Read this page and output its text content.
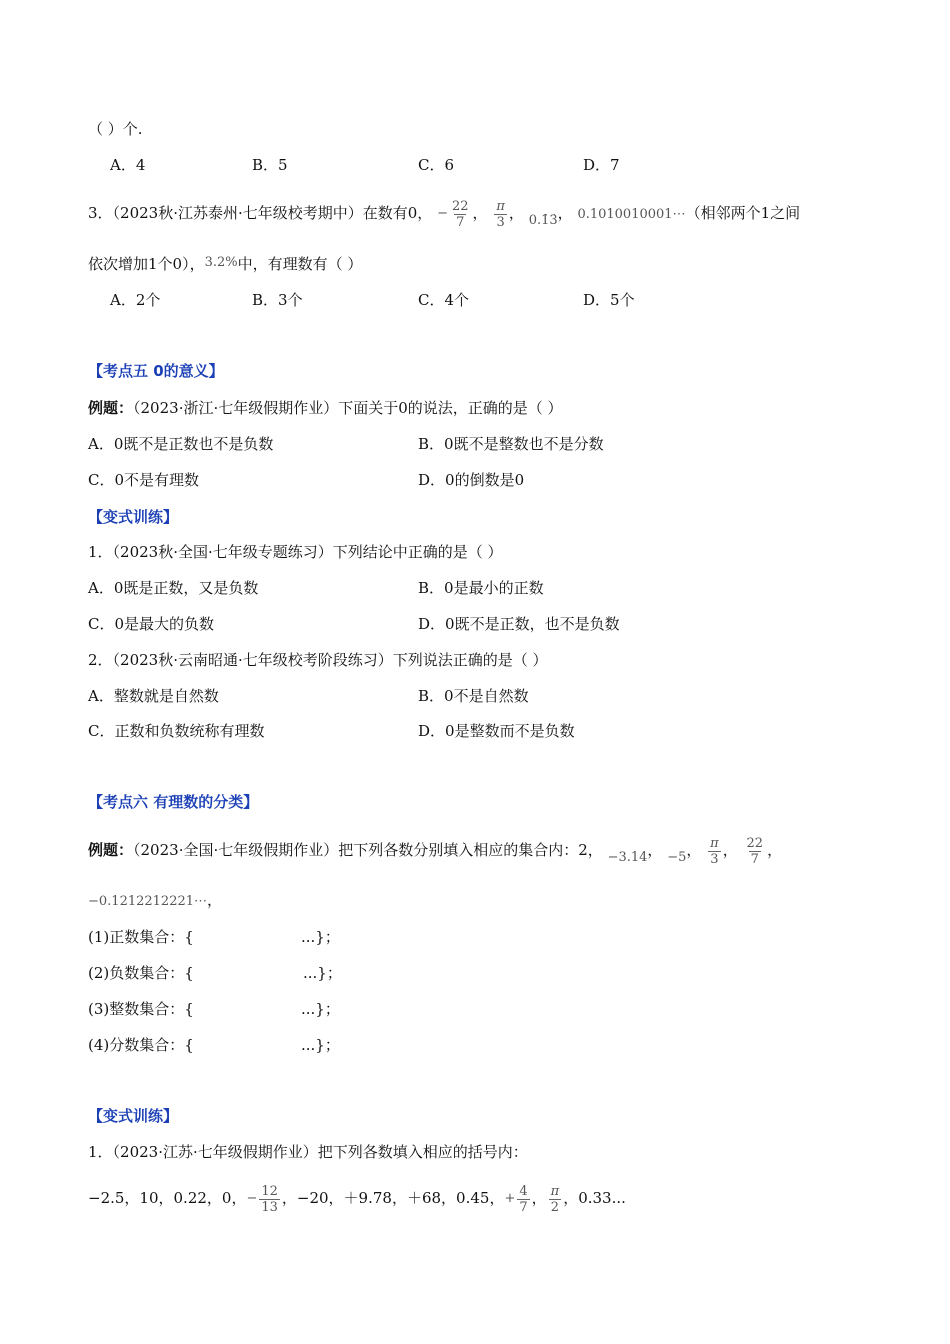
（ ）个.
A．4	B．5	C．6	D．7
3．（2023秋·江苏泰州·七年级校考期中）在数有0， − $\frac{22}{7}$ ， $\frac{\pi}{3}$ ， 0.1̇3̇， 0.1010010001⋯（相邻两个1之间
依次增加1个0），3.2%中，有理数有（ ）
A．2个	B．3个	C．4个	D．5个
【考点五 0的意义】
例题：（2023·浙江·七年级假期作业）下面关于0的说法，正确的是（ ）
A．0既不是正数也不是负数	B．0既不是整数也不是分数
C．0不是有理数	D．0的倒数是0
【变式训练】
1．（2023秋·全国·七年级专题练习）下列结论中正确的是（ ）
A．0既是正数，又是负数	B．0是最小的正数
C．0是最大的负数	D．0既不是正数，也不是负数
2．（2023秋·云南昭通·七年级校考阶段练习）下列说法正确的是（ ）
A．整数就是自然数	B．0不是自然数
C．正数和负数统称有理数	D．0是整数而不是负数
【考点六 有理数的分类】
例题：（2023·全国·七年级假期作业）把下列各数分别填入相应的集合内：2， −3.14， −5， $\frac{\pi}{3}$ ， $\frac{22}{7}$ ，
−0.1212212221⋯，
(1)正数集合：{	...}；
(2)负数集合：{	...}；
(3)整数集合：{	...}；
(4)分数集合：{	...}；
【变式训练】
1．（2023·江苏·七年级假期作业）把下列各数填入相应的括号内：
−2.5，10，0.22，0，− $\frac{12}{13}$ ，−20，＋9.78，＋68，0.45，+ $\frac{4}{7}$ ， $\frac{\pi}{2}$ ，0.33...
